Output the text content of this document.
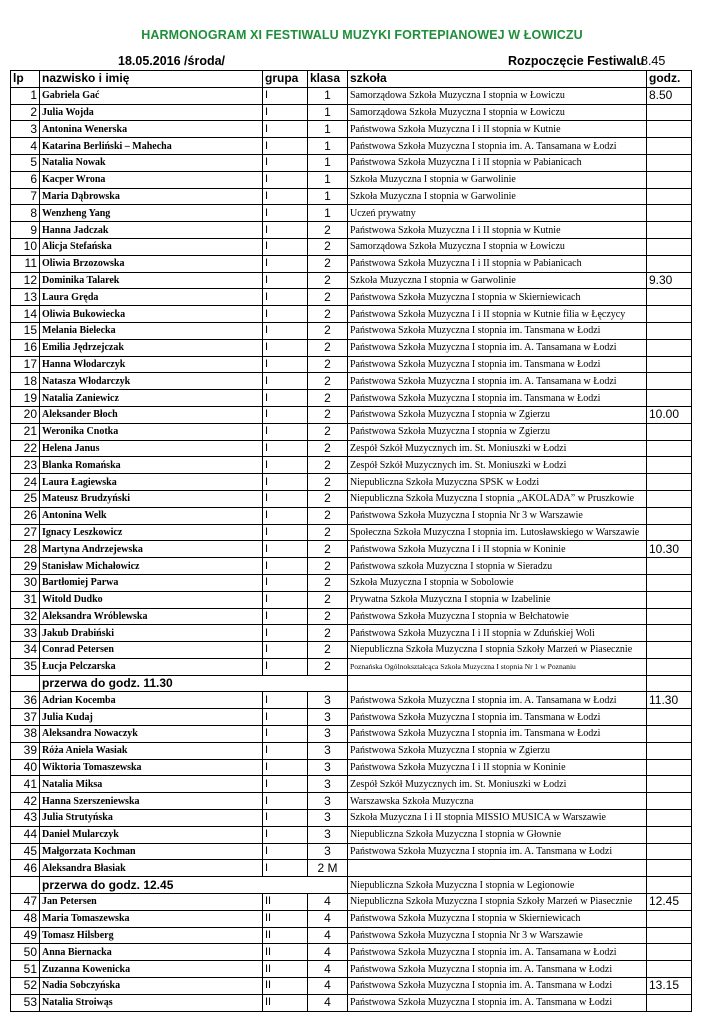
HARMONOGRAM XI FESTIWALU MUZYKI FORTEPIANOWEJ W ŁOWICZU
18.05.2016 /środa/	Rozpoczęcie Festiwalu
8.45
lp	nazwisko i imię	grupa	klasa	szkoła	godz.
1	Gabriela Gać	I	1	Samorządowa Szkoła Muzyczna I stopnia w Łowiczu	8.50
2	Julia Wojda	I	1	Samorządowa Szkoła Muzyczna I stopnia w Łowiczu	
3	Antonina Wenerska	I	1	Państwowa Szkoła Muzyczna I i II stopnia w Kutnie	
4	Katarina Berliński – Mahecha	I	1	Państwowa Szkoła Muzyczna I stopnia im. A. Tansamana w Łodzi	
5	Natalia Nowak	I	1	Państwowa Szkoła Muzyczna I i II stopnia w Pabianicach	
6	Kacper Wrona	I	1	Szkoła Muzyczna I stopnia w Garwolinie	
7	Maria Dąbrowska	I	1	Szkoła Muzyczna I stopnia w Garwolinie	
8	Wenzheng Yang	I	1	Uczeń prywatny	
9	Hanna Jadczak	I	2	Państwowa Szkoła Muzyczna I i II stopnia w Kutnie	
10	Alicja Stefańska	I	2	Samorządowa Szkoła Muzyczna I stopnia w Łowiczu	
11	Oliwia Brzozowska	I	2	Państwowa Szkoła Muzyczna I i II stopnia w Pabianicach	
12	Dominika Talarek	I	2	Szkoła Muzyczna I stopnia w Garwolinie	9.30
13	Laura Gręda	I	2	Państwowa Szkoła Muzyczna I stopnia w Skierniewicach	
14	Oliwia Bukowiecka	I	2	Państwowa Szkoła Muzyczna I i II stopnia w Kutnie filia w Łęczycy	
15	Melania Bielecka	I	2	Państwowa Szkoła Muzyczna I stopnia im. Tansmana w Łodzi	
16	Emilia Jędrzejczak	I	2	Państwowa Szkoła Muzyczna I stopnia im. A. Tansamana w Łodzi	
17	Hanna Włodarczyk	I	2	Państwowa Szkoła Muzyczna I stopnia im. Tansmana w Łodzi	
18	Natasza Włodarczyk	I	2	Państwowa Szkoła Muzyczna I stopnia im. A. Tansamana w Łodzi	
19	Natalia Zaniewicz	I	2	Państwowa Szkoła Muzyczna I stopnia im. Tansmana w Łodzi	
20	Aleksander Błoch	I	2	Państwowa Szkoła Muzyczna I stopnia w Zgierzu	10.00
21	Weronika Cnotka	I	2	Państwowa Szkoła Muzyczna I stopnia w Zgierzu	
22	Helena Janus	I	2	Zespół Szkół Muzycznych im. St. Moniuszki w Łodzi	
23	Blanka Romańska	I	2	Zespół Szkół Muzycznych im. St. Moniuszki w Łodzi	
24	Laura Łagiewska	I	2	Niepubliczna Szkoła Muzyczna SPSK w Łodzi	
25	Mateusz Brudzyński	I	2	Niepubliczna Szkoła Muzyczna I stopnia „AKOLADA” w Pruszkowie	
26	Antonina Welk	I	2	Państwowa Szkoła Muzyczna I stopnia Nr 3 w Warszawie	
27	Ignacy Leszkowicz	I	2	Społeczna Szkoła Muzyczna I stopnia im. Lutosławskiego w Warszawie	
28	Martyna Andrzejewska	I	2	Państwowa Szkoła Muzyczna I i II stopnia w Koninie	10.30
29	Stanisław Michałowicz	I	2	Państwowa szkoła Muzyczna I stopnia w Sieradzu	
30	Bartłomiej Parwa	I	2	Szkoła Muzyczna I stopnia w Sobolowie	
31	Witold Dudko	I	2	Prywatna Szkoła Muzyczna I stopnia w Izabelinie	
32	Aleksandra Wróblewska	I	2	Państwowa Szkoła Muzyczna I stopnia w Bełchatowie	
33	Jakub Drabiński	I	2	Państwowa Szkoła Muzyczna I i II stopnia w Zduńskiej Woli	
34	Conrad Petersen	I	2	Niepubliczna Szkoła Muzyczna I stopnia Szkoły Marzeń w Piasecznie	
35	Łucja Pelczarska	I	2	Poznańska Ogólnokształcąca Szkoła Muzyczna I stopnia Nr 1 w Poznaniu	
	przerwa do godz. 11.30				
36	Adrian Kocemba	I	3	Państwowa Szkoła Muzyczna I stopnia im. A. Tansamana w Łodzi	11.30
37	Julia Kudaj	I	3	Państwowa Szkoła Muzyczna I stopnia im. Tansmana w Łodzi	
38	Aleksandra Nowaczyk	I	3	Państwowa Szkoła Muzyczna I stopnia im. Tansmana w Łodzi	
39	Róża Aniela Wasiak	I	3	Państwowa Szkoła Muzyczna I stopnia w Zgierzu	
40	Wiktoria Tomaszewska	I	3	Państwowa Szkoła Muzyczna I i II stopnia w Koninie	
41	Natalia Miksa	I	3	Zespół Szkół Muzycznych im. St. Moniuszki w Łodzi	
42	Hanna Szerszeniewska	I	3	Warszawska Szkoła Muzyczna	
43	Julia Strutyńska	I	3	Szkoła Muzyczna I i II stopnia MISSIO MUSICA w Warszawie	
44	Daniel Mularczyk	I	3	Niepubliczna Szkoła Muzyczna I stopnia w Głownie	
45	Małgorzata Kochman	I	3	Państwowa Szkoła Muzyczna I stopnia im. A. Tansmana w Łodzi	
46	Aleksandra Błasiak	I	2 M		
	przerwa do godz. 12.45			Niepubliczna Szkoła Muzyczna I stopnia w Legionowie	
47	Jan Petersen	II	4	Niepubliczna Szkoła Muzyczna I stopnia Szkoły Marzeń w Piasecznie	12.45
48	Maria Tomaszewska	II	4	Państwowa Szkoła Muzyczna I stopnia w Skierniewicach	
49	Tomasz Hilsberg	II	4	Państwowa Szkoła Muzyczna I stopnia Nr 3 w Warszawie	
50	Anna Biernacka	II	4	Państwowa Szkoła Muzyczna I stopnia im. A. Tansamana w Łodzi	
51	Zuzanna Kowenicka	II	4	Państwowa Szkoła Muzyczna I stopnia im. A. Tansmana w Łodzi	
52	Nadia Sobczyńska	II	4	Państwowa Szkoła Muzyczna I stopnia im. A. Tansmana w Łodzi	13.15
53	Natalia Stroiwąs	II	4	Państwowa Szkoła Muzyczna I stopnia im. A. Tansmana w Łodzi	
